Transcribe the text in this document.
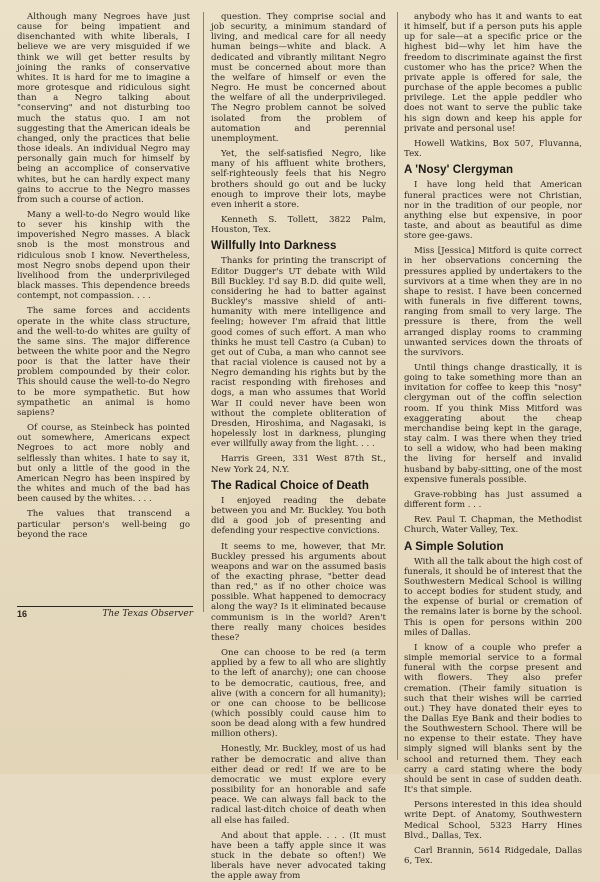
Although many Negroes have just cause for being impatient and disenchanted with white liberals, I believe we are very misguided if we think we will get better results by joining the ranks of conservative whites. It is hard for me to imagine a more grotesque and ridiculous sight than a Negro talking about "conserving" and not disturbing too much the status quo. I am not suggesting that the American ideals be changed, only the practices that belie those ideals. An individual Negro may personally gain much for himself by being an accomplice of conservative whites, but he can hardly expect many gains to accrue to the Negro masses from such a course of action.

Many a well-to-do Negro would like to sever his kinship with the impoverished Negro masses. A black snob is the most monstrous and ridiculous snob I know. Nevertheless, most Negro snobs depend upon their livelihood from the underprivileged black masses. This dependence breeds contempt, not compassion. . . .

The same forces and accidents operate in the white class structure, and the well-to-do whites are guilty of the same sins. The major difference between the white poor and the Negro poor is that the latter have their problem compounded by their color. This should cause the well-to-do Negro to be more sympathetic. But how sympathetic an animal is homo sapiens?

Of course, as Steinbeck has pointed out somewhere, Americans expect Negroes to act more nobly and selflessly than whites. I hate to say it, but only a little of the good in the American Negro has been inspired by the whites and much of the bad has been caused by the whites. . . .

The values that transcend a particular person's well-being go beyond the race

question. They comprise social and job security, a minimum standard of living, and medical care for all needy human beings—white and black. A dedicated and vibrantly militant Negro must be concerned about more than the welfare of himself or even the Negro. He must be concerned about the welfare of all the underprivileged. The Negro problem cannot be solved isolated from the problem of automation and perennial unemployment.

Yet, the self-satisfied Negro, like many of his affluent white brothers, self-righteously feels that his Negro brothers should go out and be lucky enough to improve their lots, maybe even inherit a store.

Kenneth S. Tollett, 3822 Palm, Houston, Tex.

Willfully Into Darkness

Thanks for printing the transcript of Editor Dugger's UT debate with Wild Bill Buckley. I'd say B.D. did quite well, considering he had to batter against Buckley's massive shield of anti-humanity with mere intelligence and feeling; however I'm afraid that little good comes of such effort. A man who thinks he must tell Castro (a Cuban) to get out of Cuba, a man who cannot see that racial violence is caused not by a Negro demanding his rights but by the racist responding with firehoses and dogs, a man who assumes that World War II could never have been won without the complete obliteration of Dresden, Hiroshima, and Nagasaki, is hopelessly lost in darkness, plunging ever willfully away from the light. . . .

Harris Green, 331 West 87th St., New York 24, N.Y.

The Radical Choice of Death

I enjoyed reading the debate between you and Mr. Buckley. You both did a good job of presenting and defending your respective convictions.

It seems to me, however, that Mr. Buckley pressed his arguments about weapons and war on the assumed basis of the exacting phrase, "better dead than red," as if no other choice was possible. What happened to democracy along the way? Is it eliminated because communism is in the world? Aren't there really many choices besides these?

One can choose to be red (a term applied by a few to all who are slightly to the left of anarchy); one can choose to be democratic, cautious, free, and alive (with a concern for all humanity); or one can choose to be bellicose (which possibly could cause him to soon be dead along with a few hundred million others).

Honestly, Mr. Buckley, most of us had rather be democratic and alive than either dead or red! If we are to be democratic we must explore every possibility for an honorable and safe peace. We can always fall back to the radical last-ditch choice of death when all else has failed.

And about that apple. . . . (It must have been a taffy apple since it was stuck in the debate so often!) We liberals have never advocated taking the apple away from

anybody who has it and wants to eat it himself, but if a person puts his apple up for sale—at a specific price or the highest bid—why let him have the freedom to discriminate against the first customer who has the price? When the private apple is offered for sale, the purchase of the apple becomes a public privilege. Let the apple peddler who does not want to serve the public take his sign down and keep his apple for private and personal use!

Howell Watkins, Box 507, Fluvanna, Tex.

A 'Nosy' Clergyman

I have long held that American funeral practices were not Christian, nor in the tradition of our people, nor anything else but expensive, in poor taste, and about as beautiful as dime store gee-gaws.

Miss [Jessica] Mitford is quite correct in her observations concerning the pressures applied by undertakers to the survivors at a time when they are in no shape to resist. I have been concerned with funerals in five different towns, ranging from small to very large. The pressure is there, from the well arranged display rooms to cramming unwanted services down the throats of the survivors.

Until things change drastically, it is going to take something more than an invitation for coffee to keep this "nosy" clergyman out of the coffin selection room. If you think Miss Mitford was exaggerating about the cheap merchandise being kept in the garage, stay calm. I was there when they tried to sell a widow, who had been making the living for herself and invalid husband by baby-sitting, one of the most expensive funerals possible.

Grave-robbing has just assumed a different form . . .

Rev. Paul T. Chapman, the Methodist Church, Water Valley, Tex.

A Simple Solution

With all the talk about the high cost of funerals, it should be of interest that the Southwestern Medical School is willing to accept bodies for student study, and the expense of burial or cremation of the remains later is borne by the school. This is open for persons within 200 miles of Dallas.

I know of a couple who prefer a simple memorial service to a formal funeral with the corpse present and with flowers. They also prefer cremation. (Their family situation is such that their wishes will be carried out.) They have donated their eyes to the Dallas Eye Bank and their bodies to the Southwestern School. There will be no expense to their estate. They have simply signed will blanks sent by the school and returned them. They each carry a card stating where the body should be sent in case of sudden death. It's that simple.

Persons interested in this idea should write Dept. of Anatomy, Southwestern Medical School, 5323 Harry Hines Blvd., Dallas, Tex.

Carl Brannin, 5614 Ridgedale, Dallas 6, Tex.

16	The Texas Observer
